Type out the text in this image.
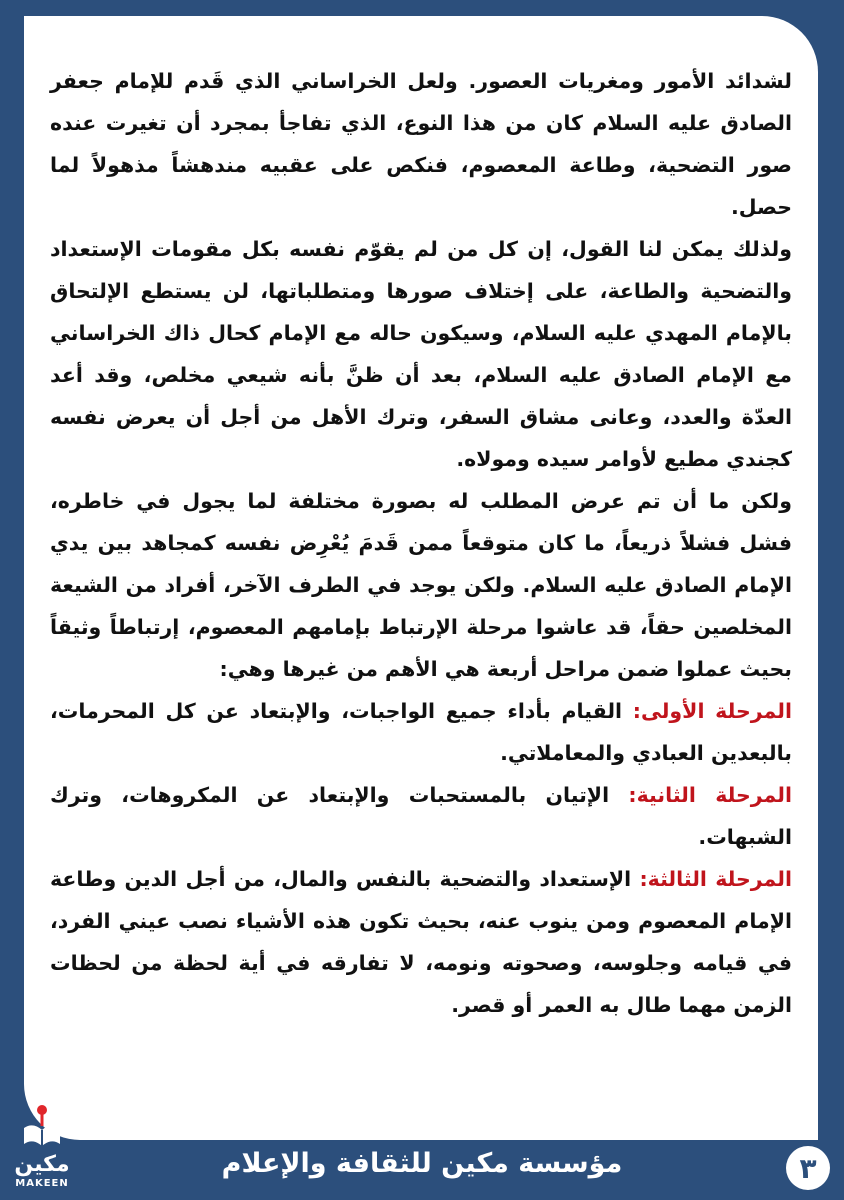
لشدائد الأمور ومغريات العصور. ولعل الخراساني الذي قَدم للإمام جعفر الصادق عليه السلام كان من هذا النوع، الذي تفاجأ بمجرد أن تغيرت عنده صور التضحية، وطاعة المعصوم، فنكص على عقبيه مندهشاً مذهولاً لما حصل.

ولذلك يمكن لنا القول، إن كل من لم يقوّم نفسه بكل مقومات الإستعداد والتضحية والطاعة، على إختلاف صورها ومتطلباتها، لن يستطع الإلتحاق بالإمام المهدي عليه السلام، وسيكون حاله مع الإمام كحال ذاك الخراساني مع الإمام الصادق عليه السلام، بعد أن ظنَّ بأنه شيعي مخلص، وقد أعد العدّة والعدد، وعانى مشاق السفر، وترك الأهل من أجل أن يعرض نفسه كجندي مطيع لأوامر سيده ومولاه.

ولكن ما أن تم عرض المطلب له بصورة مختلفة لما يجول في خاطره، فشل فشلاً ذريعاً، ما كان متوقعاً ممن قَدمَ يُعْرِض نفسه كمجاهد بين يدي الإمام الصادق عليه السلام. ولكن يوجد في الطرف الآخر، أفراد من الشيعة المخلصين حقاً، قد عاشوا مرحلة الإرتباط بإمامهم المعصوم، إرتباطاً وثيقاً بحيث عملوا ضمن مراحل أربعة هي الأهم من غيرها وهي:

المرحلة الأولى: القيام بأداء جميع الواجبات، والإبتعاد عن كل المحرمات، بالبعدين العبادي والمعاملاتي.

المرحلة الثانية: الإتيان بالمستحبات والإبتعاد عن المكروهات، وترك الشبهات.

المرحلة الثالثة: الإستعداد والتضحية بالنفس والمال، من أجل الدين وطاعة الإمام المعصوم ومن ينوب عنه، بحيث تكون هذه الأشياء نصب عيني الفرد، في قيامه وجلوسه، وصحوته ونومه، لا تفارقه في أية لحظة من لحظات الزمن مهما طال به العمر أو قصر.

مكين
MAKEEN
مؤسسة مكين للثقافة والإعلام	٣
